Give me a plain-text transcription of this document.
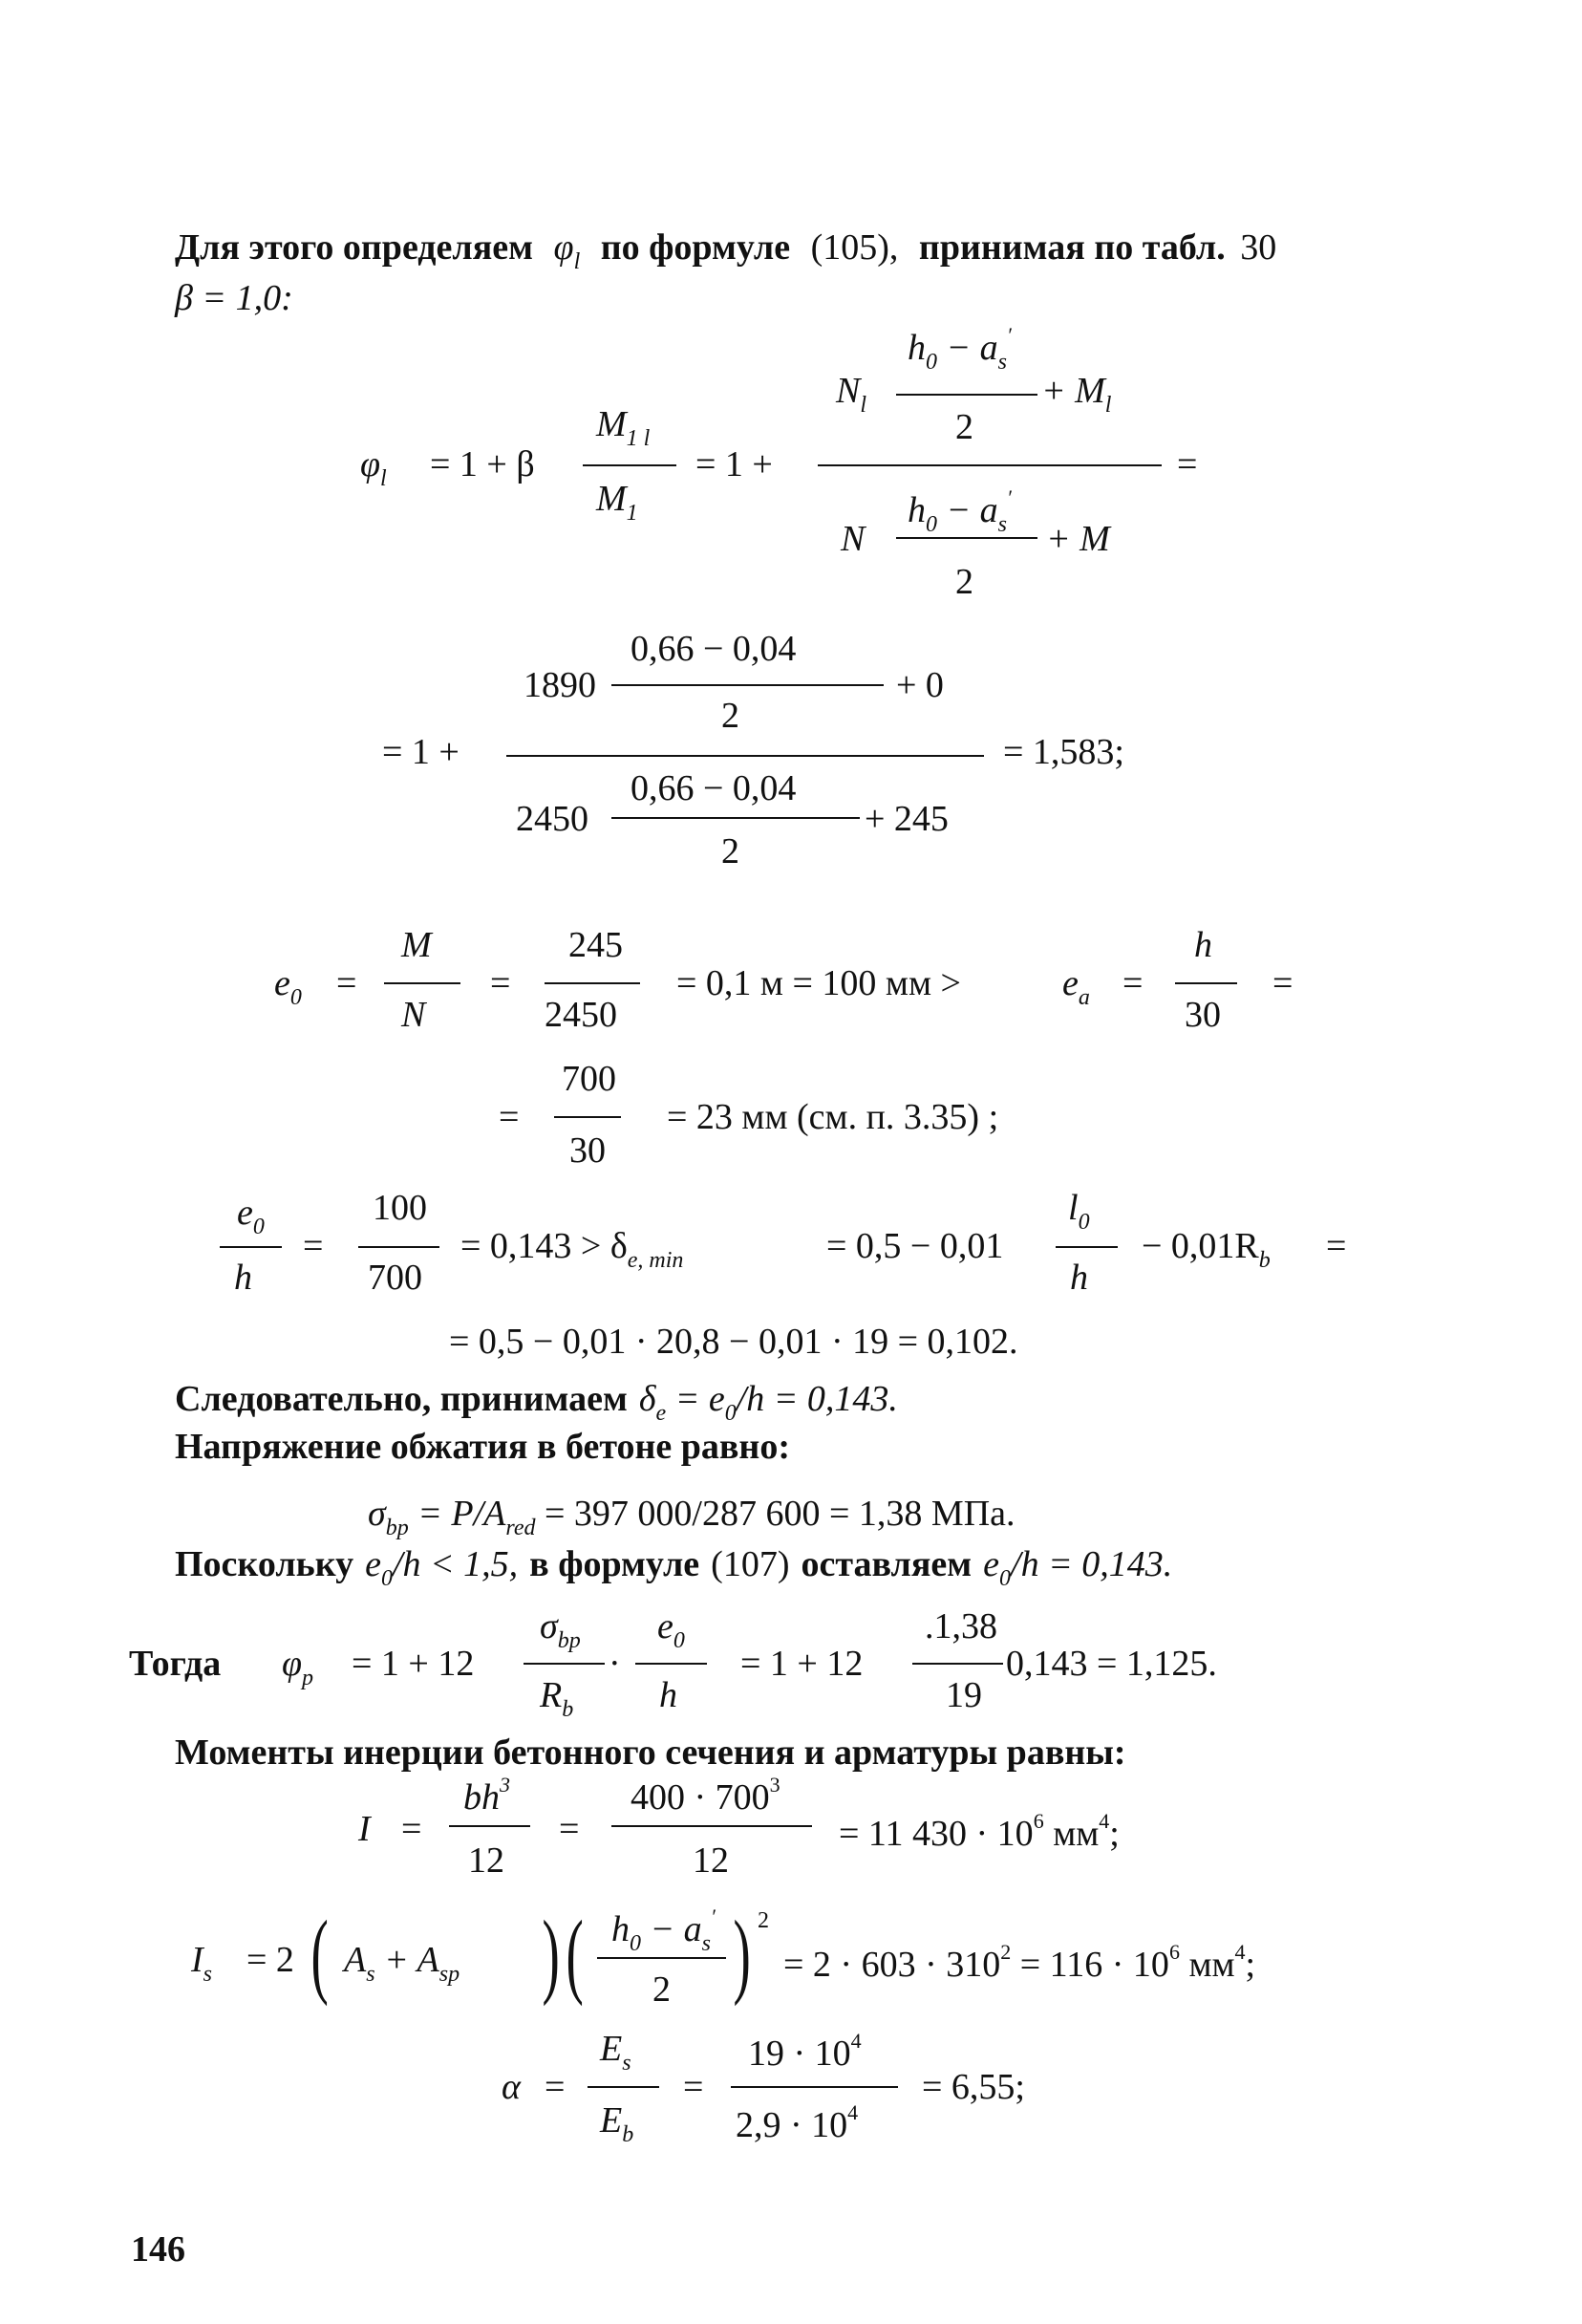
Для этого определяем $\varphi_l$ по формуле (105), принимая по табл. 30
β = 1,0:
$\varphi_l = 1 + \beta$
$M_{1 l}$
$M_1$
= 1 +
$N_l$
$h_0 - a_s'$
2
+ $M_l$
N
$h_0 - a_s'$
2
+ M
=
= 1 +
1890
0,66 − 0,04
2
+ 0
2450
0,66 − 0,04
2
+ 245
= 1,583;
$e_0$ =
M
N
=
245
2450
= 0,1 м = 100 мм >	$e_a$ =
h
30
=
=
700
30
= 23 мм (см. п. 3.35) ;
$e_0$
h
=
100
700
= $0,143 > \delta_{e, min}$	= 0,5 − 0,01
$l_0$
h
− $0,01R_b$ =
= 0,5 − 0,01 · 20,8 − 0,01 · 19 = 0,102.
Следовательно, принимаем $\delta_e = e_0/h = 0,143$.
Напряжение обжатия в бетоне равно:
$\sigma_{bp} = P/A_{red} = 397$ 000/287 600 = 1,38 МПа.
Поскольку $e_0/h < 1,5$, в формуле (107) оставляем $e_0/h = 0,143$.
Тогда $\varphi_p = 1 + 12$
$\sigma_{bp}$
$R_b$
·
$e_0$
h
= 1 + 12
.1,38
19
0,143 = 1,125.
Моменты инерции бетонного сечения и арматуры равны:
I =
$bh^3$
12
=
$400 \cdot 700^3$
12
= 11 $430 \cdot 10^6$ $мм^4$;
$I_s = 2$ ( $A_s + A_{sp}$ ) ( $h_0 - a_s'$
2 ) 2
= $2 \cdot 603 \cdot 310^2 = 116 \cdot 10^6$ $мм^4$;
α =
$E_s$
$E_b$
=
$19 \cdot 10^4$
$2,9 \cdot 10^4$
= 6,55;
146
